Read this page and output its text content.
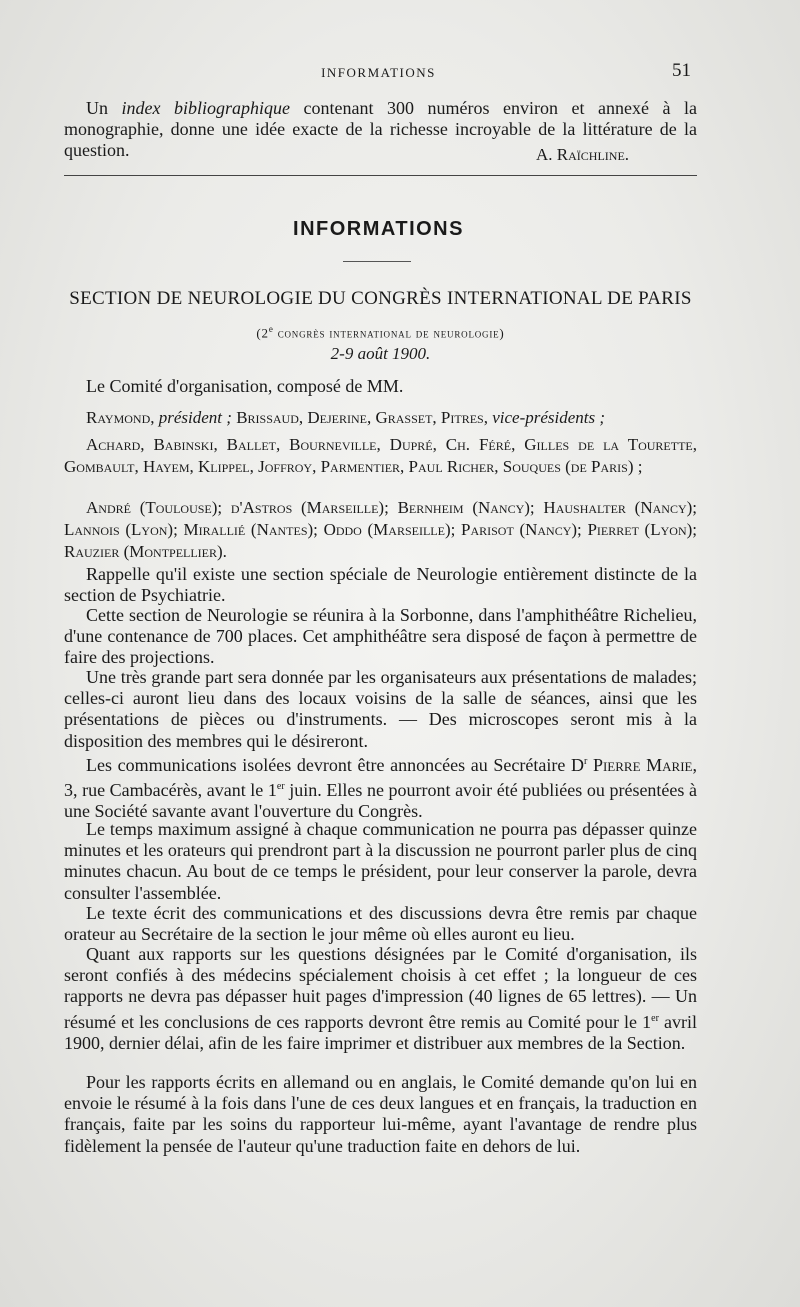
INFORMATIONS	51
Un index bibliographique contenant 300 numéros environ et annexé à la monographie, donne une idée exacte de la richesse incroyable de la littérature de la question.	A. Raïchline.
INFORMATIONS
SECTION DE NEUROLOGIE DU CONGRÈS INTERNATIONAL DE PARIS
(2e congrès international de neurologie)
2-9 août 1900.
Le Comité d'organisation, composé de MM.
Raymond, président ; Brissaud, Dejerine, Grasset, Pitres, vice-présidents ;
Achard, Babinski, Ballet, Bourneville, Dupré, Ch. Féré, Gilles de la Tourette, Gombault, Hayem, Klippel, Joffroy, Parmentier, Paul Richer, Souques (de Paris) ;
André (Toulouse); d'Astros (Marseille); Bernheim (Nancy); Haushalter (Nancy); Lannois (Lyon); Mirallié (Nantes); Oddo (Marseille); Parisot (Nancy); Pierret (Lyon); Rauzier (Montpellier).
Rappelle qu'il existe une section spéciale de Neurologie entièrement distincte de la section de Psychiatrie.
Cette section de Neurologie se réunira à la Sorbonne, dans l'amphithéâtre Richelieu, d'une contenance de 700 places. Cet amphithéâtre sera disposé de façon à permettre de faire des projections.
Une très grande part sera donnée par les organisateurs aux présentations de malades; celles-ci auront lieu dans des locaux voisins de la salle de séances, ainsi que les présentations de pièces ou d'instruments. — Des microscopes seront mis à la disposition des membres qui le désireront.
Les communications isolées devront être annoncées au Secrétaire $D^r$ Pierre Marie, 3, rue Cambacérès, avant le 1er juin. Elles ne pourront avoir été publiées ou présentées à une Société savante avant l'ouverture du Congrès.
Le temps maximum assigné à chaque communication ne pourra pas dépasser quinze minutes et les orateurs qui prendront part à la discussion ne pourront parler plus de cinq minutes chacun. Au bout de ce temps le président, pour leur conserver la parole, devra consulter l'assemblée.
Le texte écrit des communications et des discussions devra être remis par chaque orateur au Secrétaire de la section le jour même où elles auront eu lieu.
Quant aux rapports sur les questions désignées par le Comité d'organisation, ils seront confiés à des médecins spécialement choisis à cet effet ; la longueur de ces rapports ne devra pas dépasser huit pages d'impression (40 lignes de 65 lettres). — Un résumé et les conclusions de ces rapports devront être remis au Comité pour le 1er avril 1900, dernier délai, afin de les faire imprimer et distribuer aux membres de la Section.
Pour les rapports écrits en allemand ou en anglais, le Comité demande qu'on lui en envoie le résumé à la fois dans l'une de ces deux langues et en français, la traduction en français, faite par les soins du rapporteur lui-même, ayant l'avantage de rendre plus fidèlement la pensée de l'auteur qu'une traduction faite en dehors de lui.
